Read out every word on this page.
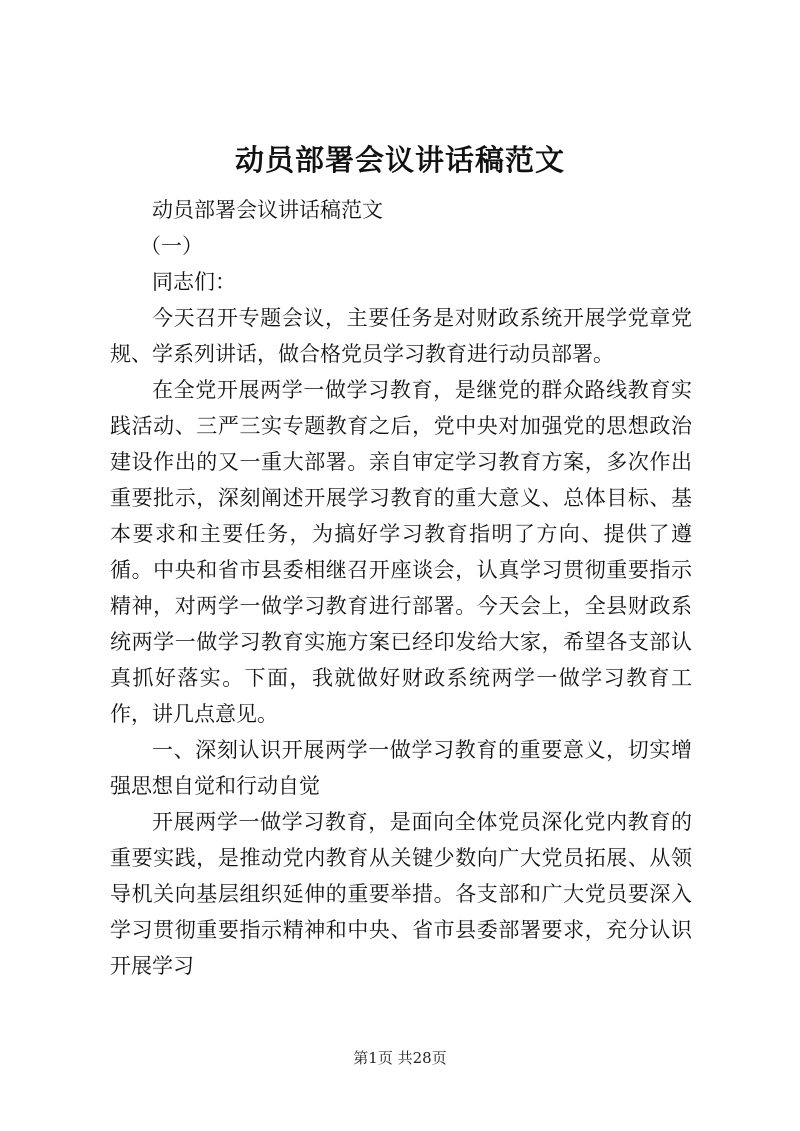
动员部署会议讲话稿范文

动员部署会议讲话稿范文

（一）

同志们：

今天召开专题会议，主要任务是对财政系统开展学党章党规、学系列讲话，做合格党员学习教育进行动员部署。

在全党开展两学一做学习教育，是继党的群众路线教育实践活动、三严三实专题教育之后，党中央对加强党的思想政治建设作出的又一重大部署。亲自审定学习教育方案，多次作出重要批示，深刻阐述开展学习教育的重大意义、总体目标、基本要求和主要任务，为搞好学习教育指明了方向、提供了遵循。中央和省市县委相继召开座谈会，认真学习贯彻重要指示精神，对两学一做学习教育进行部署。今天会上，全县财政系统两学一做学习教育实施方案已经印发给大家，希望各支部认真抓好落实。下面，我就做好财政系统两学一做学习教育工作，讲几点意见。

一、深刻认识开展两学一做学习教育的重要意义，切实增强思想自觉和行动自觉

开展两学一做学习教育，是面向全体党员深化党内教育的重要实践，是推动党内教育从关键少数向广大党员拓展、从领导机关向基层组织延伸的重要举措。各支部和广大党员要深入学习贯彻重要指示精神和中央、省市县委部署要求，充分认识开展学习

第1页 共28页
